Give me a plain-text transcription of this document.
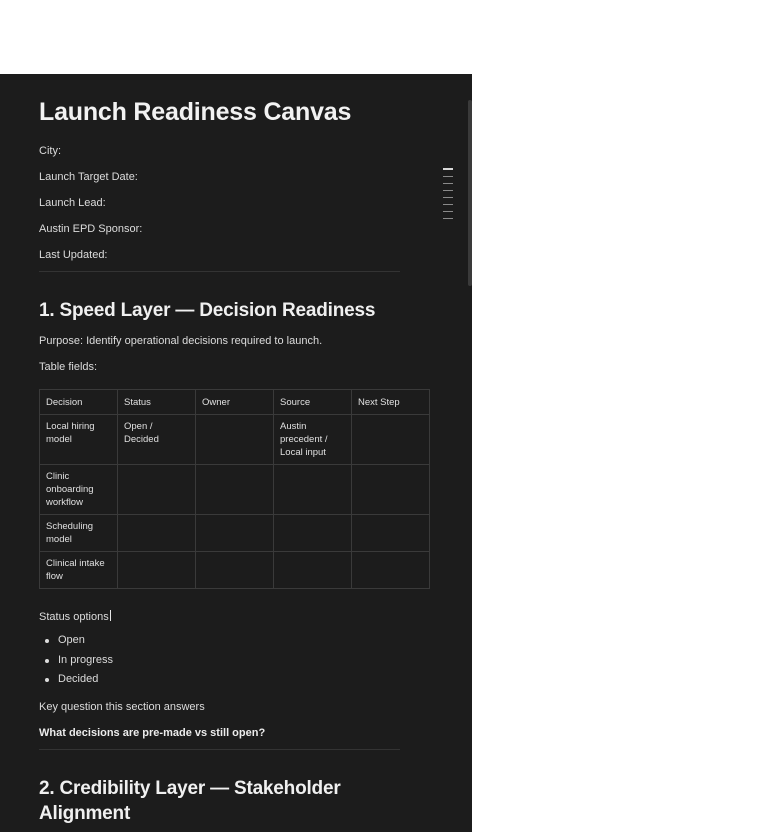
Launch Readiness Canvas
City:
Launch Target Date:
Launch Lead:
Austin EPD Sponsor:
Last Updated:
1. Speed Layer — Decision Readiness
Purpose: Identify operational decisions required to launch.
Table fields:
Decision	Status	Owner	Source	Next Step
Local hiring model	Open / Decided		Austin precedent / Local input	
Clinic onboarding workflow				
Scheduling model				
Clinical intake flow				
Status options
Open
In progress
Decided
Key question this section answers
What decisions are pre-made vs still open?
2. Credibility Layer — Stakeholder Alignment
